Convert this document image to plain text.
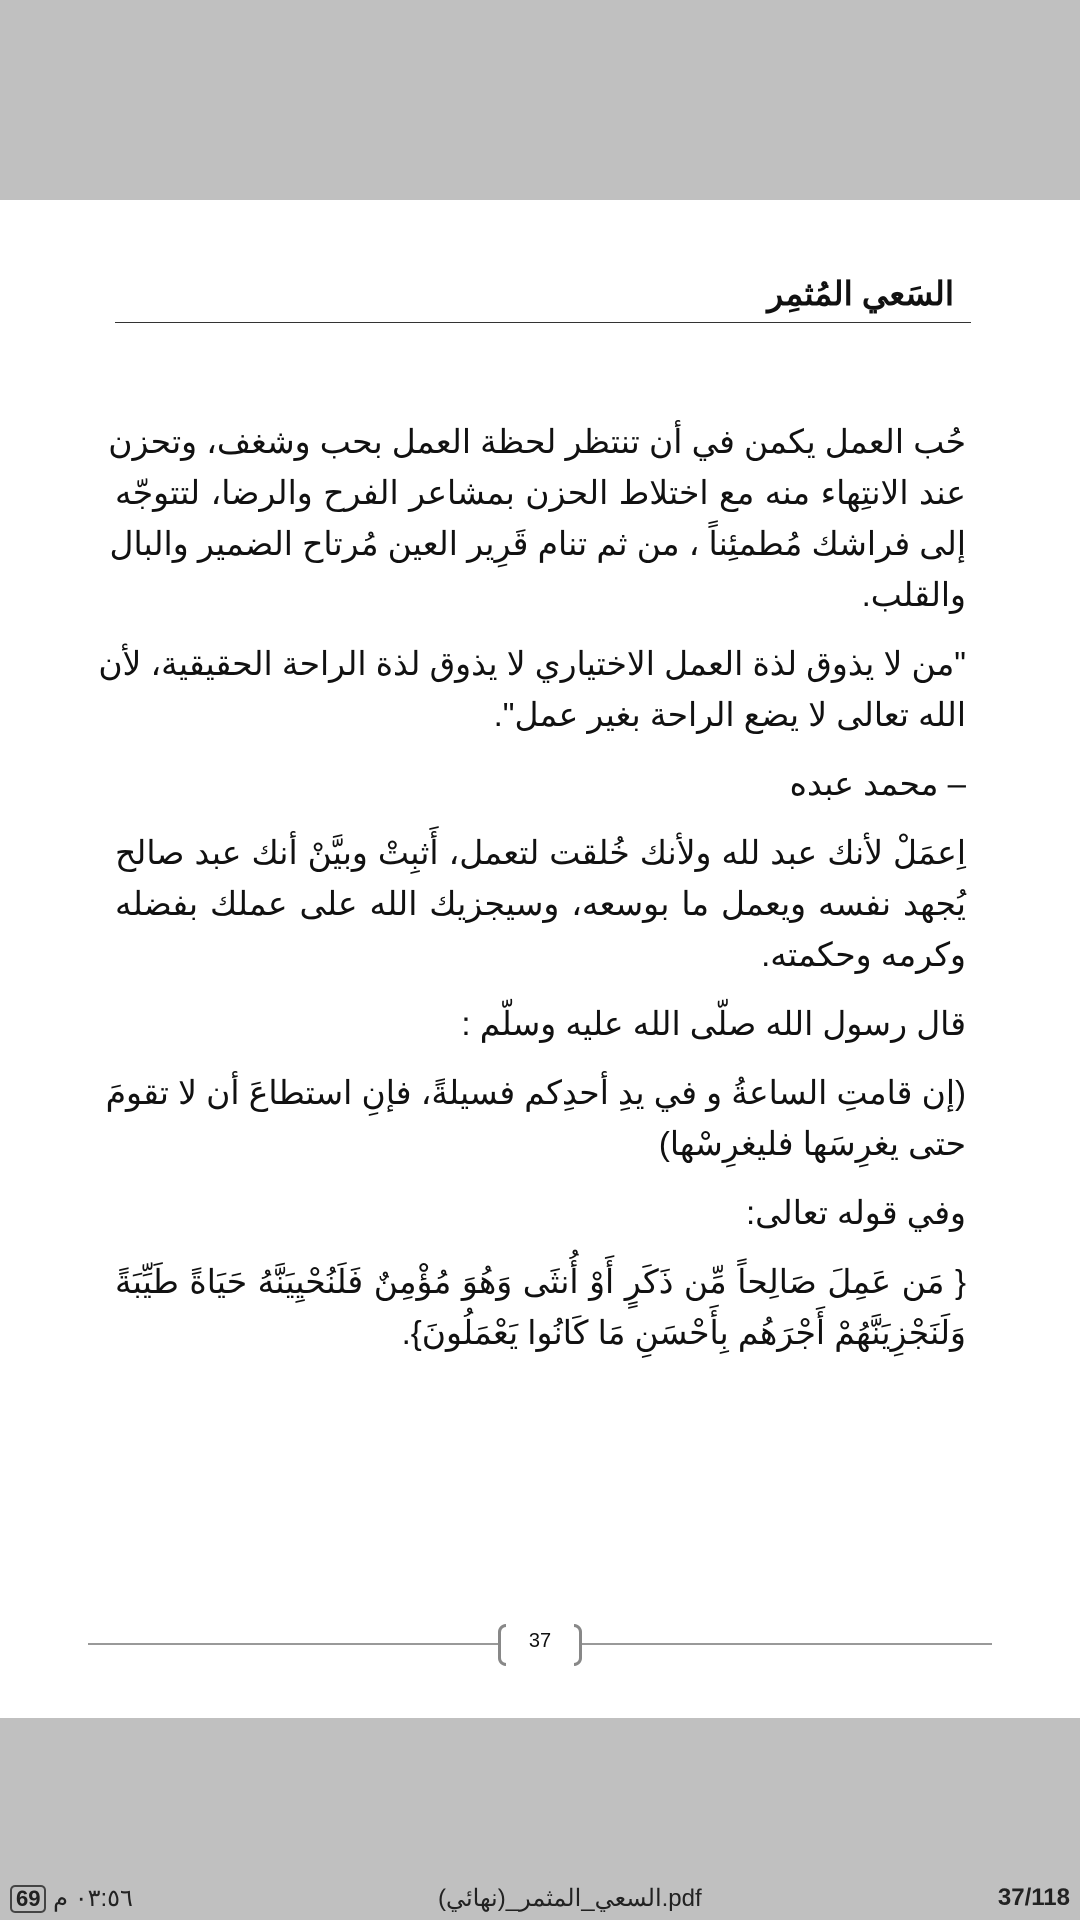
السَعي المُثمِر
حُب العمل يكمن في أن تنتظر لحظة العمل بحب وشغف، وتحزن
عند الانتِهاء منه مع اختلاط الحزن بمشاعر الفرح والرضا، لتتوجّه
إلى فراشك مُطمئِناً ، من ثم تنام قَرِير العين مُرتاح الضمير والبال
والقلب.
"من لا يذوق لذة العمل الاختياري لا يذوق لذة الراحة الحقيقية، لأن
الله تعالى لا يضع الراحة بغير عمل".
– محمد عبده
اِعمَلْ لأنك عبد لله ولأنك خُلقت لتعمل، أَثبِتْ وبيَّنْ أنك عبد صالح
يُجهد نفسه ويعمل ما بوسعه، وسيجزيك الله على عملك بفضله
وكرمه وحكمته.
قال رسول الله صلّى الله عليه وسلّم :
(إن قامتِ الساعةُ و في يدِ أحدِكم فسيلةً، فإنِ استطاعَ أن لا تقومَ
حتى يغرِسَها فليغرِسْها)
وفي قوله تعالى:
{ مَن عَمِلَ صَالِحاً مِّن ذَكَرٍ أَوْ أُنثَى وَهُوَ مُؤْمِنٌ فَلَنُحْيِيَنَّهُ حَيَاةً طَيِّبَةً
وَلَنَجْزِيَنَّهُمْ أَجْرَهُم بِأَحْسَنِ مَا كَانُوا يَعْمَلُونَ}.
37
69 ٠٣:٥٦ م	السعي_المثمر_(نهائي).pdf	37/118
